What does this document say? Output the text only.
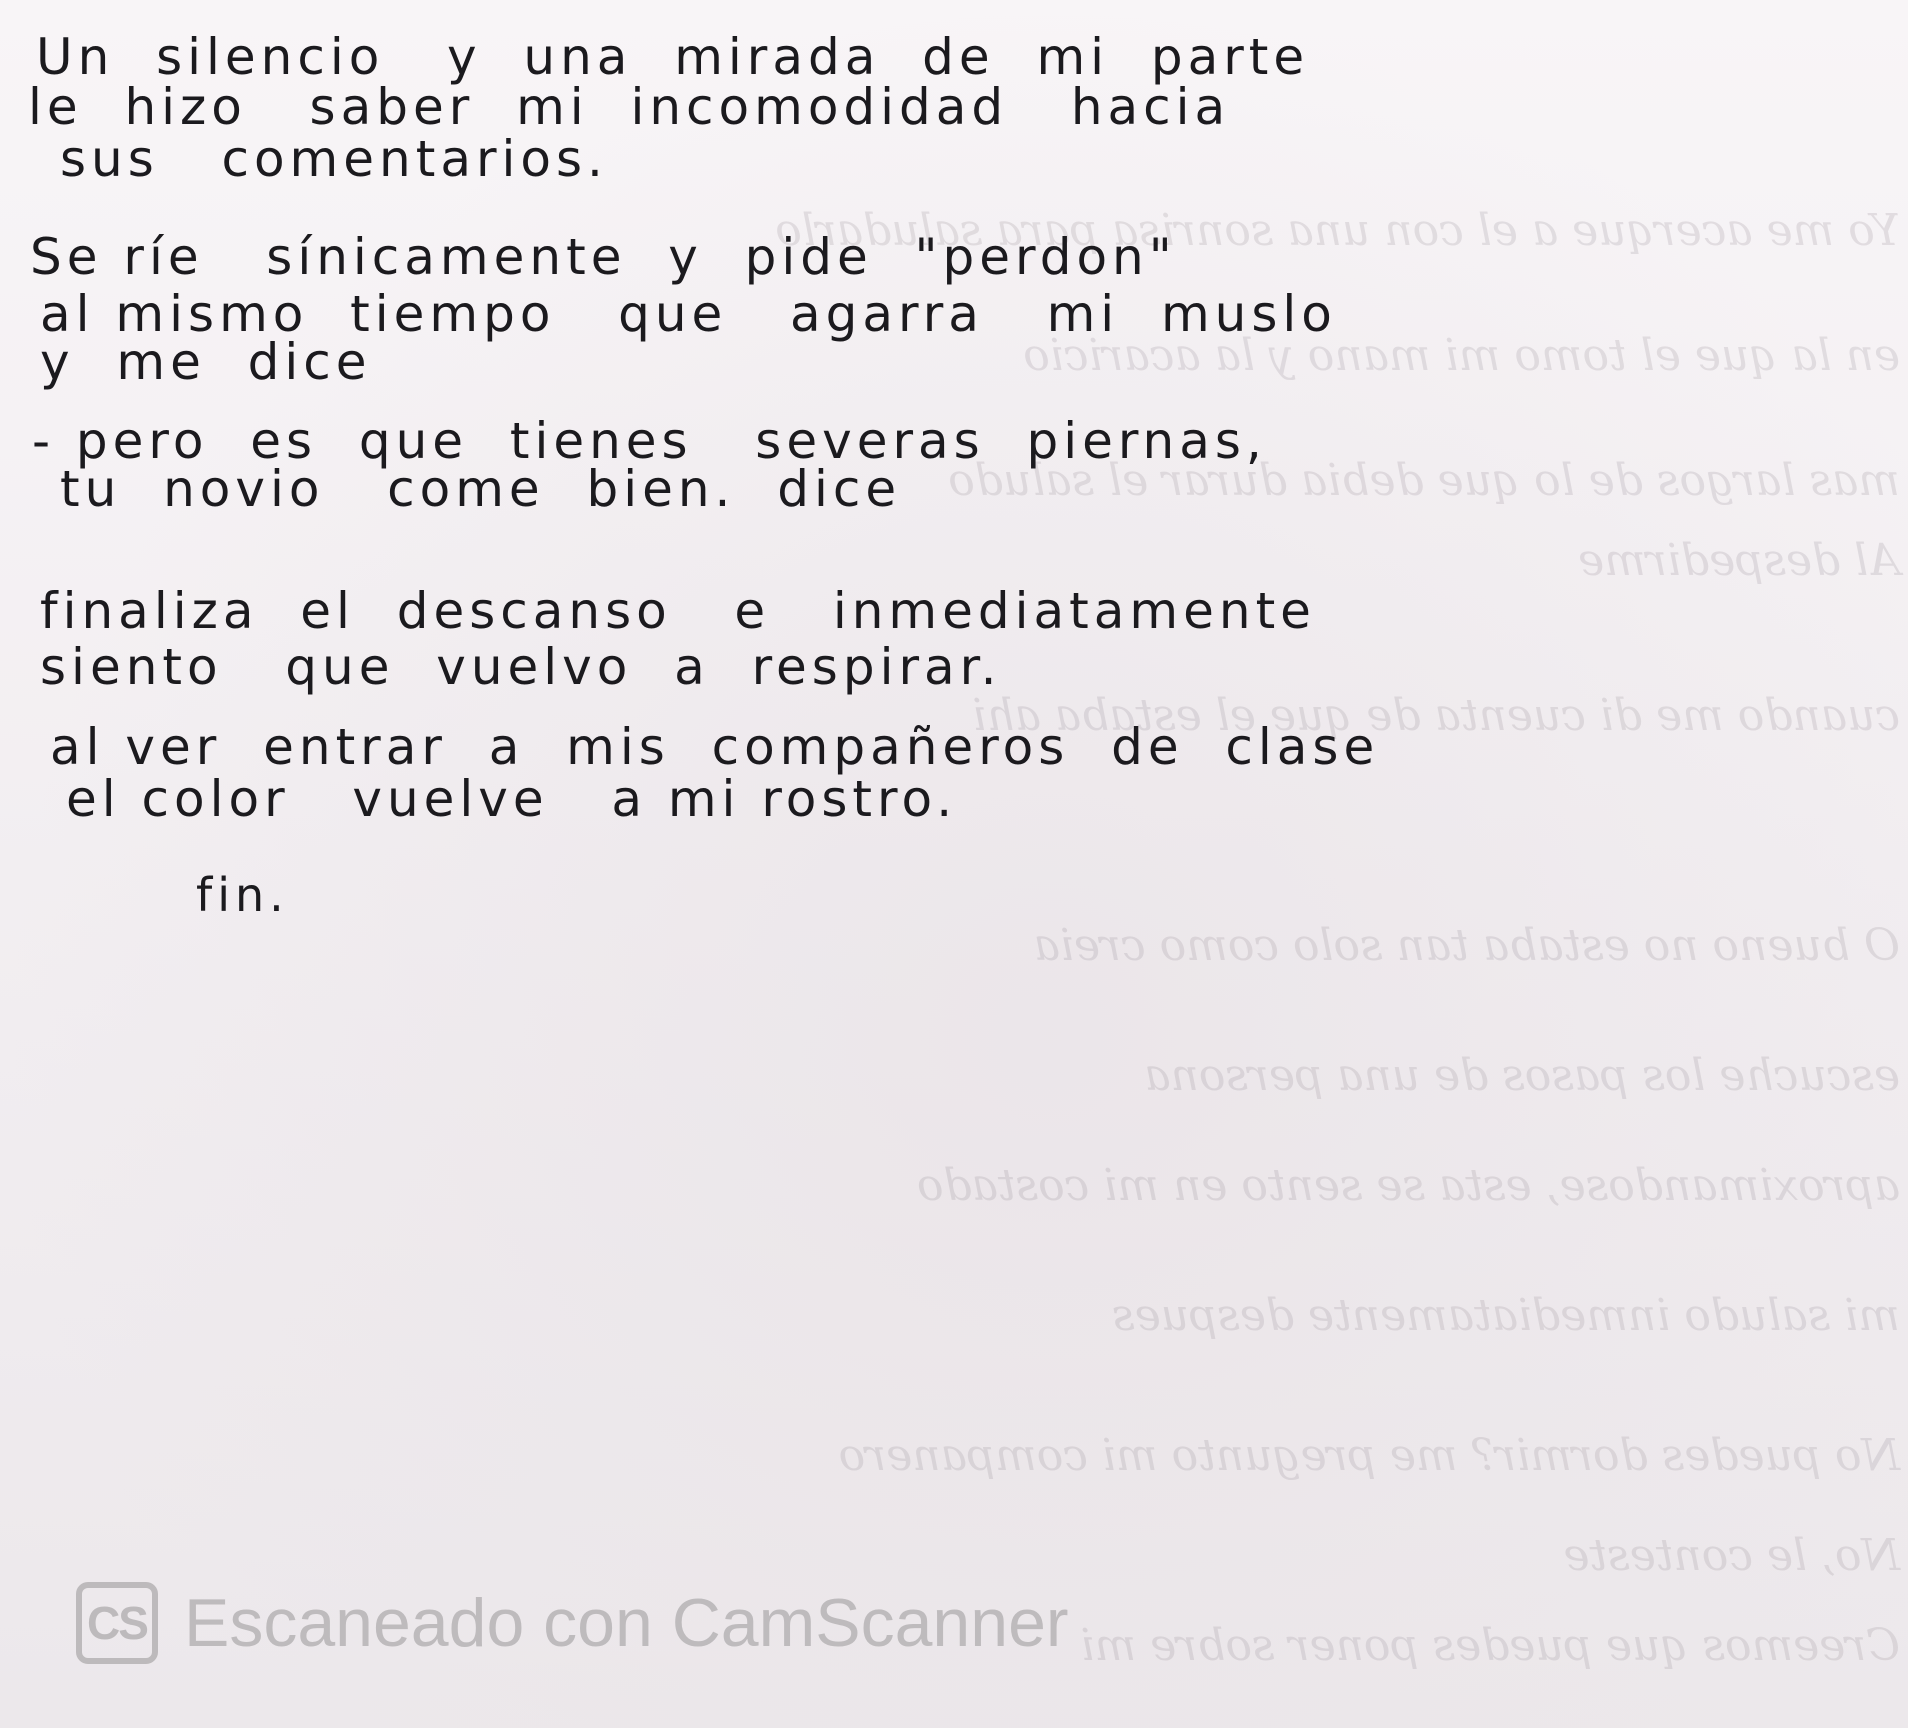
Yo me acerque a el con una sonrisa para saludarlo
en la que el tomo mi mano y la acaricio
mas largos de lo que debia durar el saludo
Al despedirme
cuando me di cuenta de que el estaba ahi
O bueno no estaba tan solo como creia
escuche los pasos de una persona
aproximandose, esta se sento en mi costado
mi saludo inmediatamente despues
No puedes dormir? me pregunto mi companero
No, le conteste
Creemos que puedes poner sobre mi
Un  silencio   y  una  mirada  de  mi  parte
le  hizo   saber  mi  incomodidad   hacia
sus   comentarios.
Se ríe   sínicamente  y  pide  "perdon"
al mismo  tiempo   que   agarra   mi  muslo
y  me  dice
- pero  es  que  tienes   severas  piernas,
tu  novio   come  bien.  dice
finaliza  el  descanso   e   inmediatamente
siento   que  vuelvo  a  respirar.
al ver  entrar  a  mis  compañeros  de  clase
el color   vuelve   a mi rostro.
fin.
CS Escaneado con CamScanner
